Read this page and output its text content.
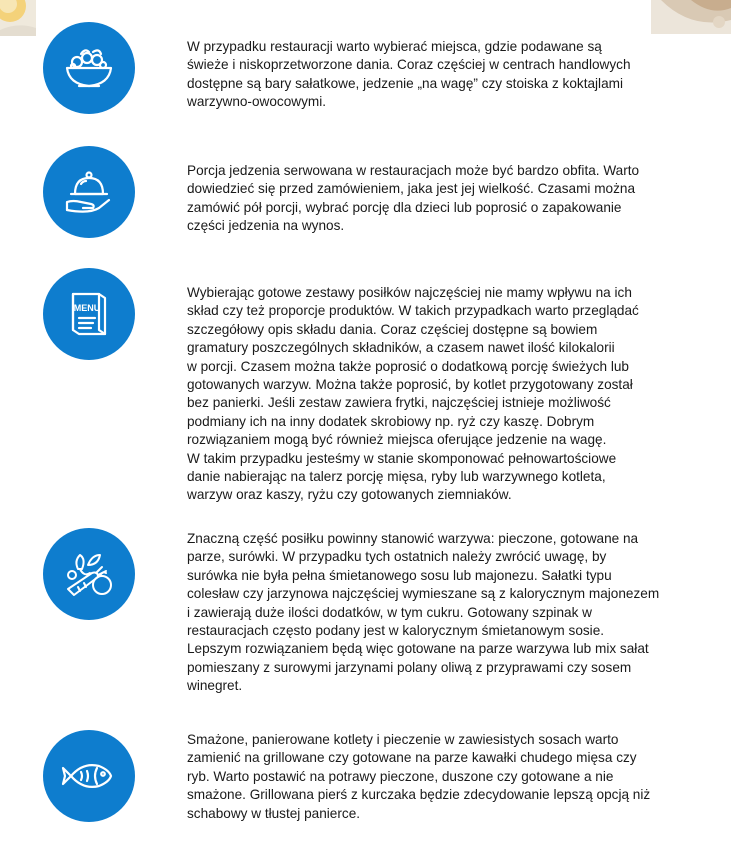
W przypadku restauracji warto wybierać miejsca, gdzie podawane są
świeże i niskoprzetworzone dania. Coraz częściej w centrach handlowych
dostępne są bary sałatkowe, jedzenie „na wagę” czy stoiska z koktajlami
warzywno-owocowymi.

Porcja jedzenia serwowana w restauracjach może być bardzo obfita. Warto
dowiedzieć się przed zamówieniem, jaka jest jej wielkość. Czasami można
zamówić pół porcji, wybrać porcję dla dzieci lub poprosić o zapakowanie
części jedzenia na wynos.

MENU

Wybierając gotowe zestawy posiłków najczęściej nie mamy wpływu na ich
skład czy też proporcje produktów. W takich przypadkach warto przeglądać
szczegółowy opis składu dania. Coraz częściej dostępne są bowiem
gramatury poszczególnych składników, a czasem nawet ilość kilokalorii
w porcji. Czasem można także poprosić o dodatkową porcję świeżych lub
gotowanych warzyw. Można także poprosić, by kotlet przygotowany został
bez panierki. Jeśli zestaw zawiera frytki, najczęściej istnieje możliwość
podmiany ich na inny dodatek skrobiowy np. ryż czy kaszę. Dobrym
rozwiązaniem mogą być również miejsca oferujące jedzenie na wagę.
W takim przypadku jesteśmy w stanie skomponować pełnowartościowe
danie nabierając na talerz porcję mięsa, ryby lub warzywnego kotleta,
warzyw oraz kaszy, ryżu czy gotowanych ziemniaków.

Znaczną część posiłku powinny stanowić warzywa: pieczone, gotowane na
parze, surówki. W przypadku tych ostatnich należy zwrócić uwagę, by
surówka nie była pełna śmietanowego sosu lub majonezu. Sałatki typu
colesław czy jarzynowa najczęściej wymieszane są z kalorycznym majonezem
i zawierają duże ilości dodatków, w tym cukru. Gotowany szpinak w
restauracjach często podany jest w kalorycznym śmietanowym sosie.
Lepszym rozwiązaniem będą więc gotowane na parze warzywa lub mix sałat
pomieszany z surowymi jarzynami polany oliwą z przyprawami czy sosem
winegret.

Smażone, panierowane kotlety i pieczenie w zawiesistych sosach warto
zamienić na grillowane czy gotowane na parze kawałki chudego mięsa czy
ryb. Warto postawić na potrawy pieczone, duszone czy gotowane a nie
smażone. Grillowana pierś z kurczaka będzie zdecydowanie lepszą opcją niż
schabowy w tłustej panierce.
